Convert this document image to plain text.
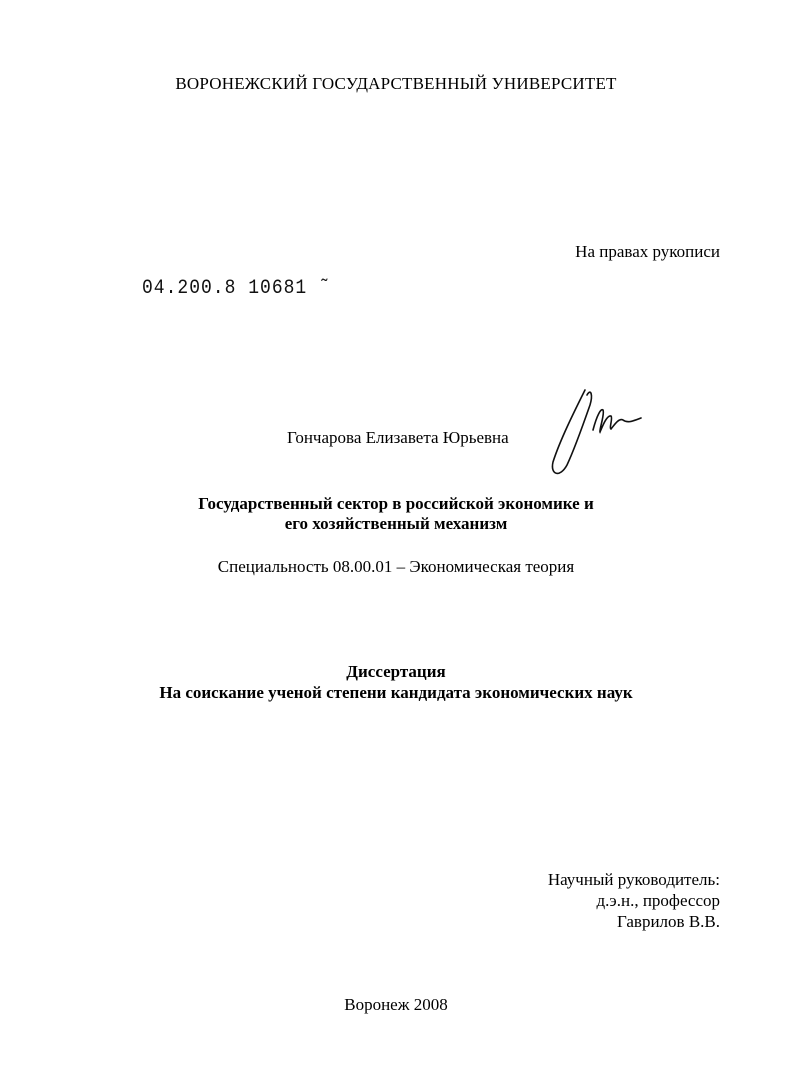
ВОРОНЕЖСКИЙ ГОСУДАРСТВЕННЫЙ УНИВЕРСИТЕТ
На правах рукописи
04.200.8 10681 ˜
Гончарова Елизавета Юрьевна
Государственный сектор в российской экономике и
его хозяйственный механизм
Специальность 08.00.01 – Экономическая теория
Диссертация
На соискание ученой степени кандидата экономических наук
Научный руководитель:
д.э.н., профессор
Гаврилов В.В.
Воронеж 2008
